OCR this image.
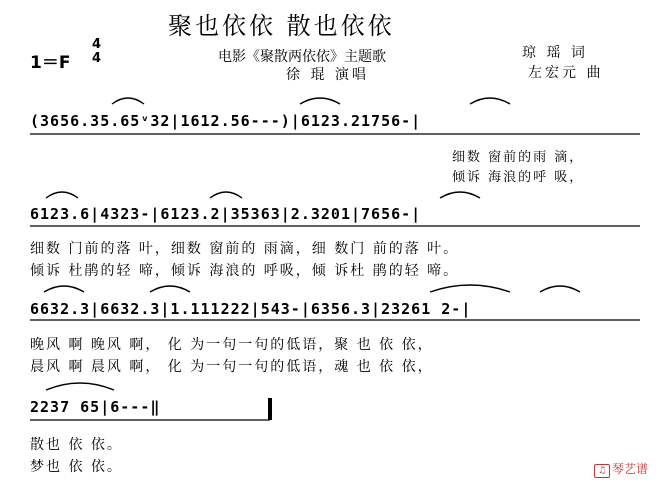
聚也依依 散也依依
1＝F
4
4	电影《聚散两依依》主题歌
徐 琨 演唱
琼 瑶 词
左宏元 曲
(3656.35.65ᵛ32|1612.56---)|6123.21756-|
细数 窗前的雨 滴，
倾诉 海浪的呼 吸，
6123.6|4323-|6123.2|35363|2.3201|7656-|
细数 门前的落 叶，细数 窗前的 雨滴，细 数门 前的落 叶。
倾诉 杜鹃的轻 啼，倾诉 海浪的 呼吸，倾 诉杜 鹃的轻 啼。
6632.3|6632.3|1.111222|543-|6356.3|23261 2-|
晚风 啊 晚风 啊， 化 为一句一句的低语，聚 也 依 依，
晨风 啊 晨风 啊， 化 为一句一句的低语，魂 也 依 依，
2237 65|6---‖
散也 依 依。
梦也 依 依。	♫ 琴艺谱
